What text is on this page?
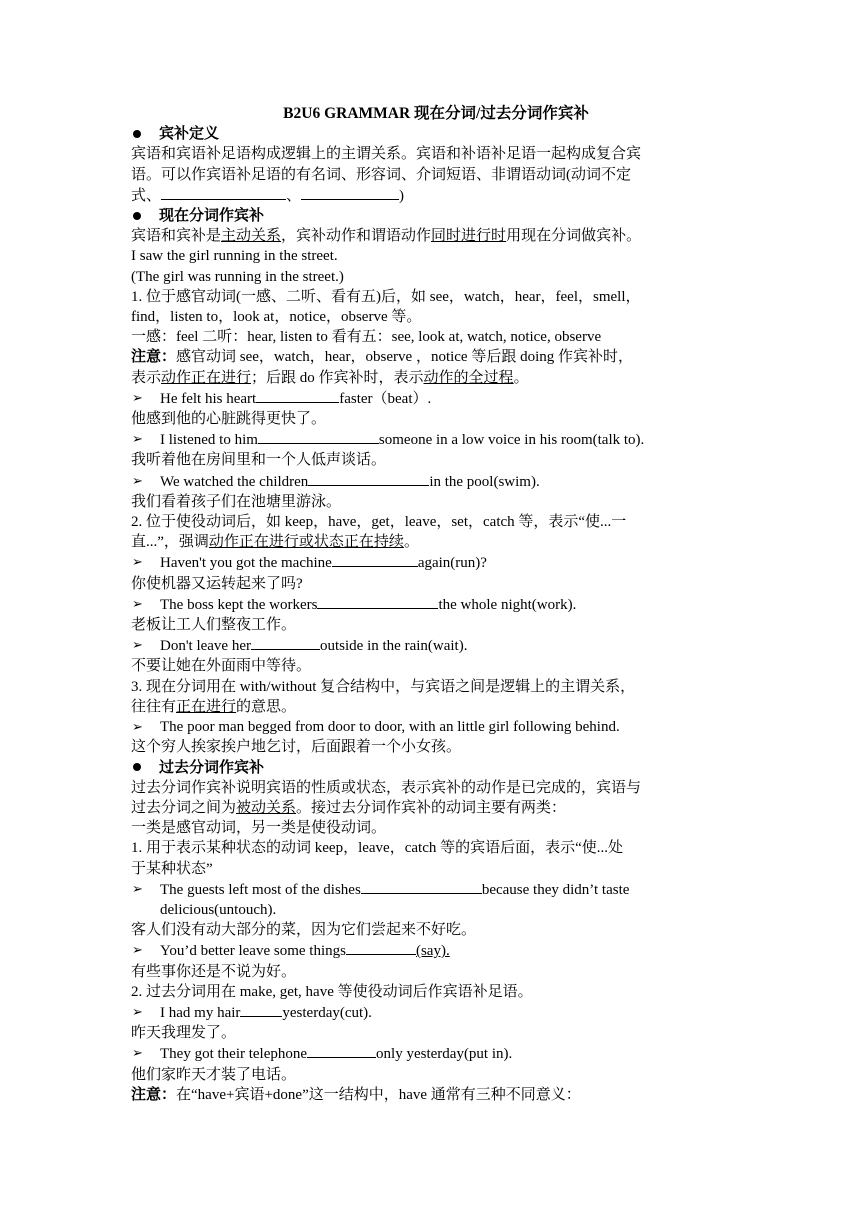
B2U6 GRAMMAR 现在分词/过去分词作宾补
宾补定义
宾语和宾语补足语构成逻辑上的主谓关系。宾语和补语补足语一起构成复合宾
语。可以作宾语补足语的有名词、形容词、介词短语、非谓语动词(动词不定
式、	、	)
现在分词作宾补
宾语和宾补是主动关系，宾补动作和谓语动作同时进行时用现在分词做宾补。
I saw the girl running in the street.
(The girl was running in the street.)
1. 位于感官动词(一感、二听、看有五)后，如 see，watch，hear，feel，smell，
find，listen to，look at，notice，observe 等。
一感：feel 二听：hear, listen to 看有五：see, look at, watch, notice, observe
注意：感官动词 see，watch，hear，observe ，notice 等后跟 doing 作宾补时，
表示动作正在进行；后跟 do 作宾补时，表示动作的全过程。
➢ He felt his heart	faster（beat）.
他感到他的心脏跳得更快了。
➢ I listened to him	someone in a low voice in his room(talk to).
我听着他在房间里和一个人低声谈话。
➢ We watched the children	in the pool(swim).
我们看着孩子们在池塘里游泳。
2. 位于使役动词后，如 keep，have，get，leave，set，catch 等，表示“使...一
直...”，强调动作正在进行或状态正在持续。
➢ Haven't you got the machine	again(run)?
你使机器又运转起来了吗?
➢ The boss kept the workers	the whole night(work).
老板让工人们整夜工作。
➢ Don't leave her	outside in the rain(wait).
不要让她在外面雨中等待。
3. 现在分词用在 with/without 复合结构中，与宾语之间是逻辑上的主谓关系，
往往有正在进行的意思。
➢ The poor man begged from door to door, with an little girl following behind.
这个穷人挨家挨户地乞讨，后面跟着一个小女孩。
过去分词作宾补
过去分词作宾补说明宾语的性质或状态，表示宾补的动作是已完成的，宾语与
过去分词之间为被动关系。接过去分词作宾补的动词主要有两类：
一类是感官动词，另一类是使役动词。
1. 用于表示某种状态的动词 keep，leave，catch 等的宾语后面，表示“使...处
于某种状态”
➢ The guests left most of the dishes	because they didn’t taste
delicious(untouch).
客人们没有动大部分的菜，因为它们尝起来不好吃。
➢ You’d better leave some things	(say).
有些事你还是不说为好。
2. 过去分词用在 make, get, have 等使役动词后作宾语补足语。
➢ I had my hair	yesterday(cut).
昨天我理发了。
➢ They got their telephone	only yesterday(put in).
他们家昨天才装了电话。
注意：在“have+宾语+done”这一结构中，have 通常有三种不同意义：
